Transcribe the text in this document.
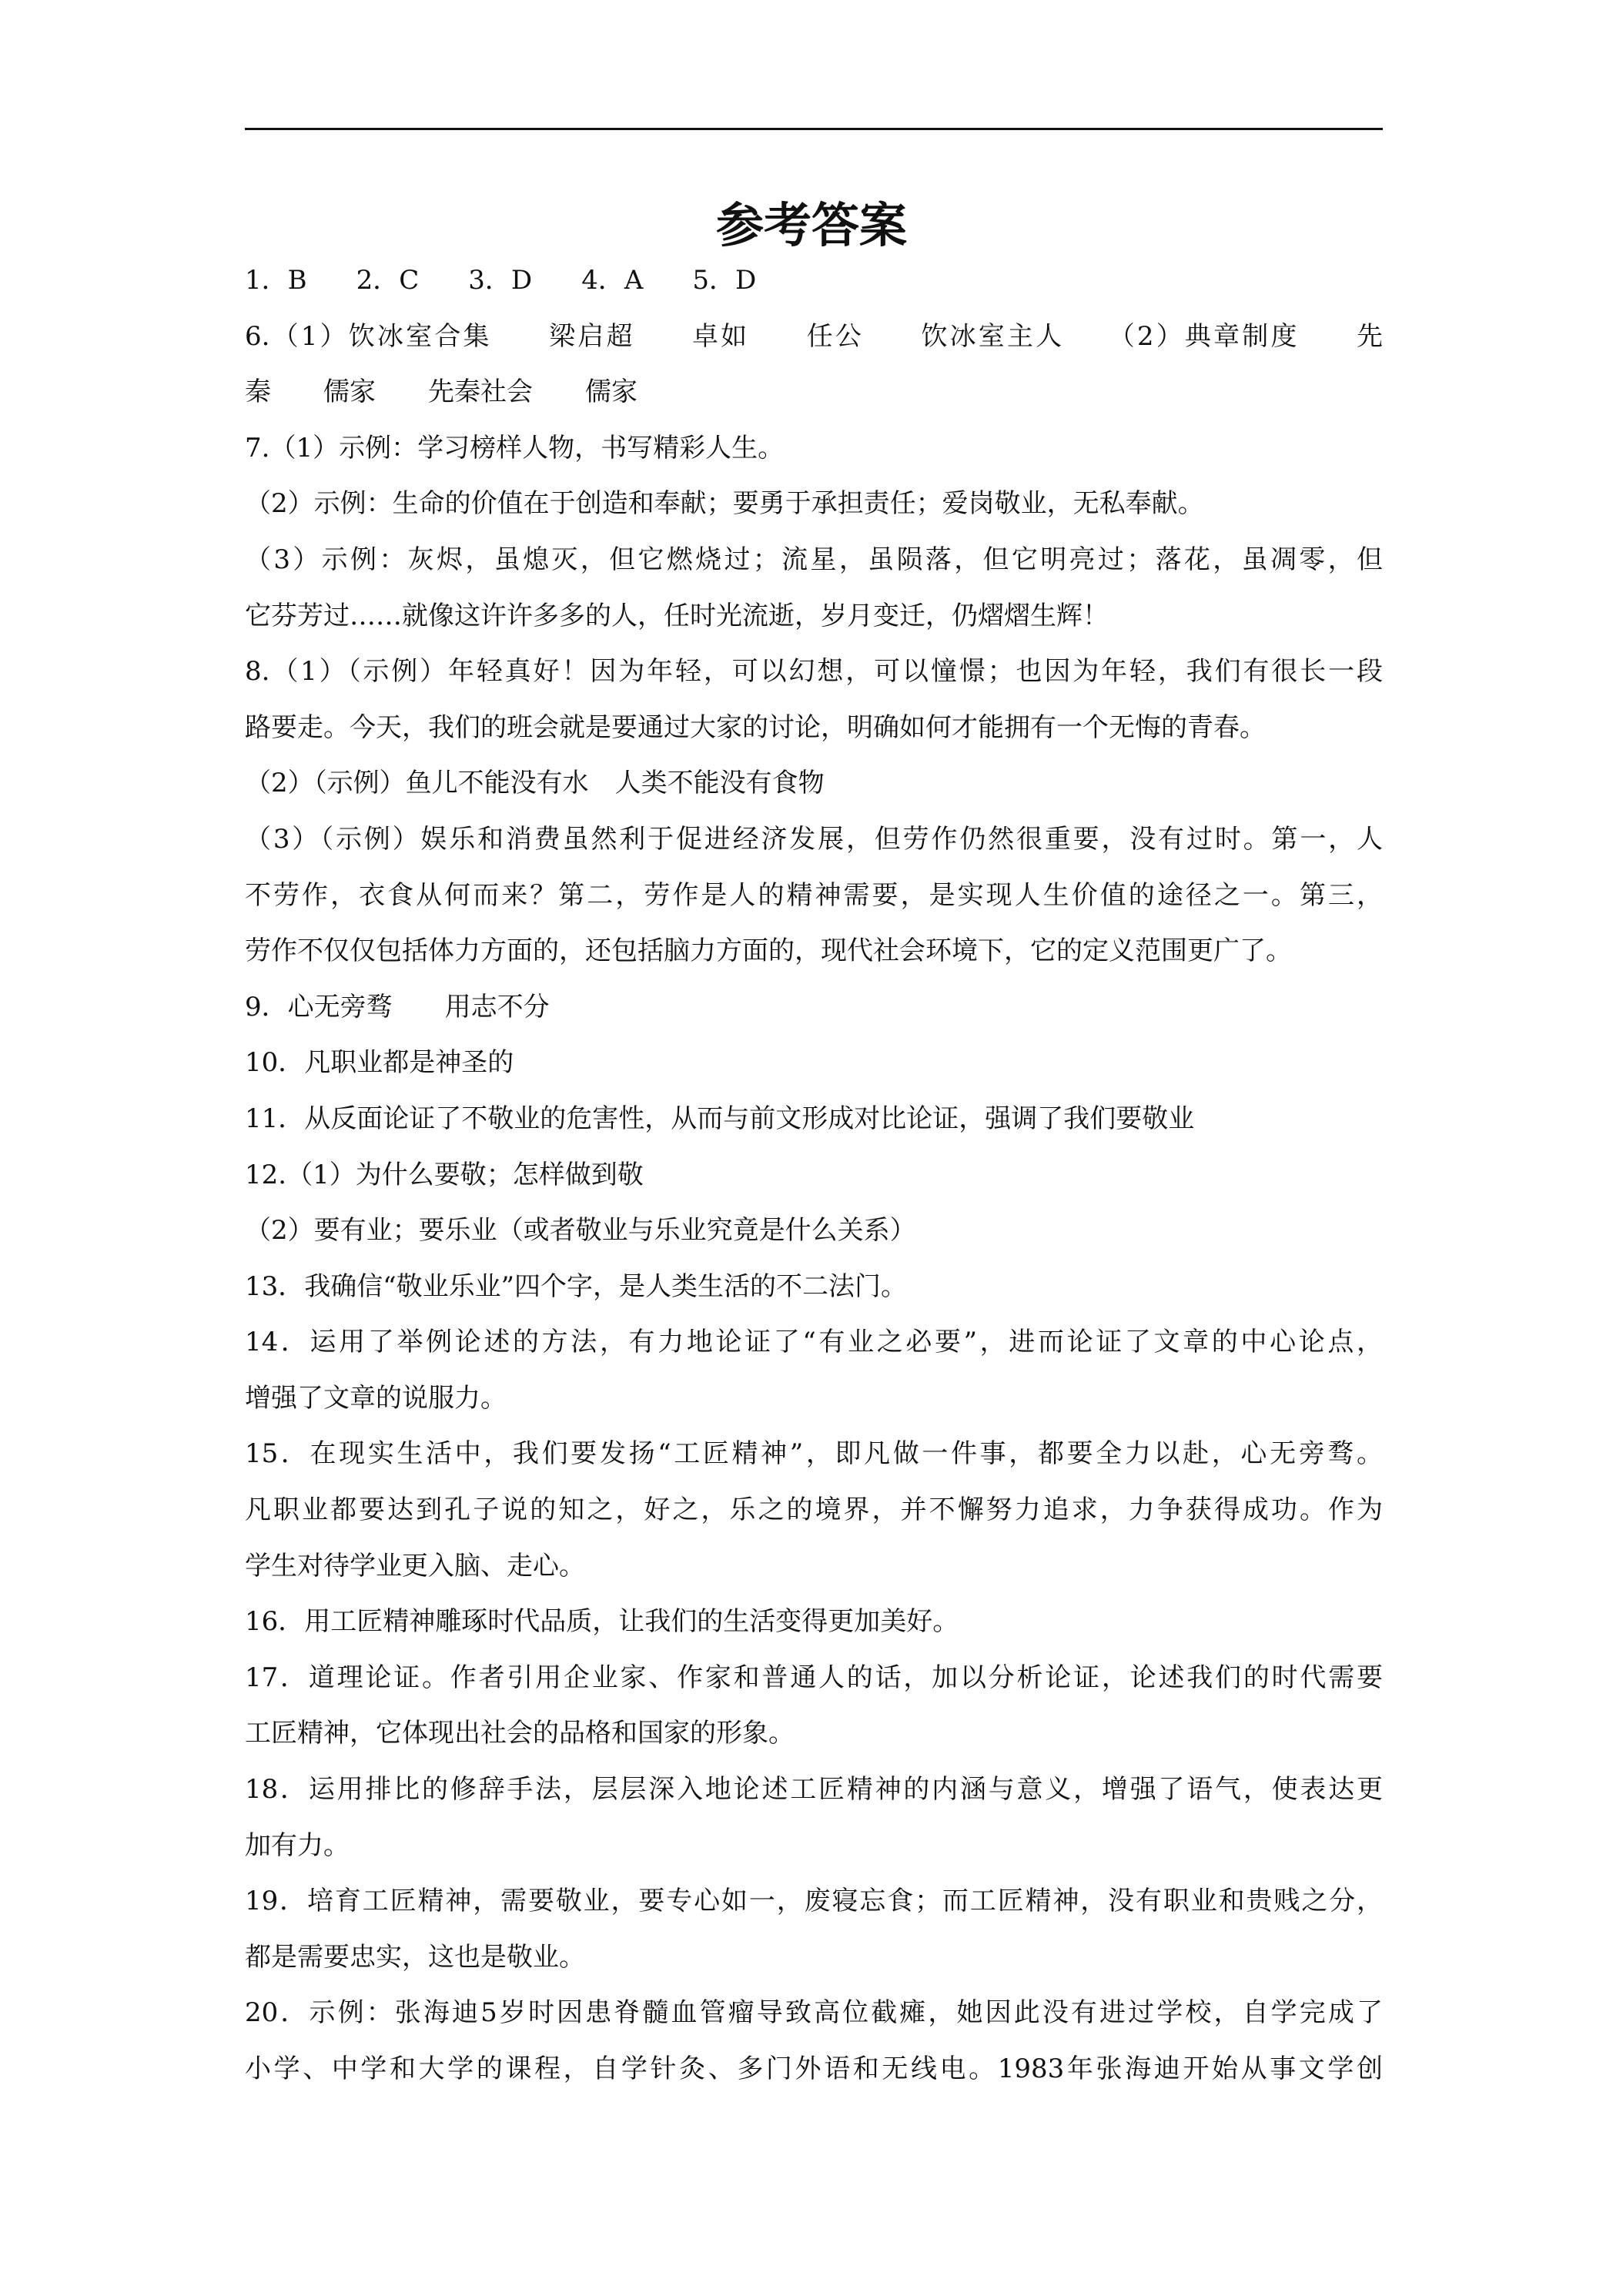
参考答案
1．B 2．C 3．D 4．A 5．D
6.（1）饮冰室合集　　梁启超　　卓如　　任公　　饮冰室主人　　（2）典章制度　　先
秦　　儒家　　先秦社会　　儒家
7.（1）示例：学习榜样人物，书写精彩人生。
（2）示例：生命的价值在于创造和奉献；要勇于承担责任；爱岗敬业，无私奉献。
（3）示例：灰烬，虽熄灭，但它燃烧过；流星，虽陨落，但它明亮过；落花，虽凋零，但
它芬芳过……就像这许许多多的人，任时光流逝，岁月变迁，仍熠熠生辉！
8.（1）（示例）年轻真好！因为年轻，可以幻想，可以憧憬；也因为年轻，我们有很长一段
路要走。今天，我们的班会就是要通过大家的讨论，明确如何才能拥有一个无悔的青春。
（2）（示例）鱼儿不能没有水　人类不能没有食物
（3）（示例）娱乐和消费虽然利于促进经济发展，但劳作仍然很重要，没有过时。第一，人
不劳作，衣食从何而来？第二，劳作是人的精神需要，是实现人生价值的途径之一。第三，
劳作不仅仅包括体力方面的，还包括脑力方面的，现代社会环境下，它的定义范围更广了。
9．心无旁骛　　用志不分
10．凡职业都是神圣的
11．从反面论证了不敬业的危害性，从而与前文形成对比论证，强调了我们要敬业
12.（1）为什么要敬；怎样做到敬
（2）要有业；要乐业（或者敬业与乐业究竟是什么关系）
13．我确信“敬业乐业”四个字，是人类生活的不二法门。
14．运用了举例论述的方法，有力地论证了“有业之必要”，进而论证了文章的中心论点，
增强了文章的说服力。
15．在现实生活中，我们要发扬“工匠精神”，即凡做一件事，都要全力以赴，心无旁骛。
凡职业都要达到孔子说的知之，好之，乐之的境界，并不懈努力追求，力争获得成功。作为
学生对待学业更入脑、走心。
16．用工匠精神雕琢时代品质，让我们的生活变得更加美好。
17．道理论证。作者引用企业家、作家和普通人的话，加以分析论证，论述我们的时代需要
工匠精神，它体现出社会的品格和国家的形象。
18．运用排比的修辞手法，层层深入地论述工匠精神的内涵与意义，增强了语气，使表达更
加有力。
19．培育工匠精神，需要敬业，要专心如一，废寝忘食；而工匠精神，没有职业和贵贱之分，
都是需要忠实，这也是敬业。
20．示例：张海迪5岁时因患脊髓血管瘤导致高位截瘫，她因此没有进过学校，自学完成了
小学、中学和大学的课程，自学针灸、多门外语和无线电。1983年张海迪开始从事文学创
